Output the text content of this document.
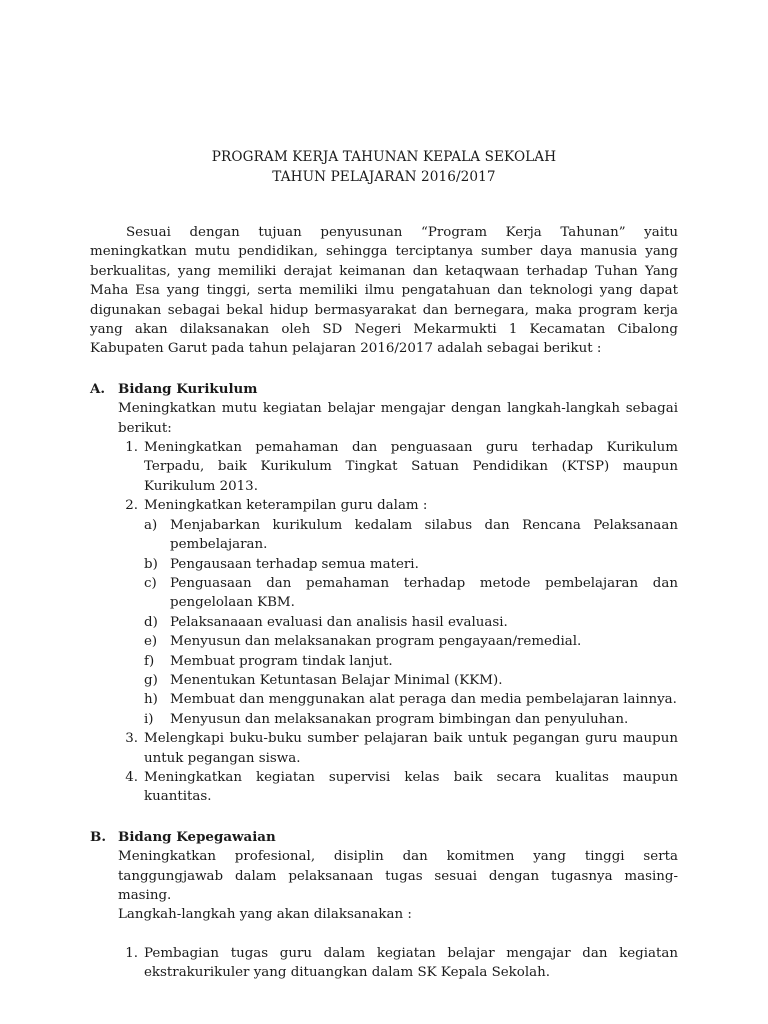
PROGRAM KERJA TAHUNAN KEPALA SEKOLAH
TAHUN PELAJARAN 2016/2017

Sesuai dengan tujuan penyusunan “Program Kerja Tahunan” yaitu meningkatkan mutu pendidikan, sehingga terciptanya sumber daya manusia yang berkualitas, yang memiliki derajat keimanan dan ketaqwaan terhadap Tuhan Yang Maha Esa yang tinggi, serta memiliki ilmu pengatahuan dan teknologi yang dapat digunakan sebagai bekal hidup bermasyarakat dan bernegara, maka program kerja yang akan dilaksanakan oleh SD Negeri Mekarmukti 1 Kecamatan Cibalong Kabupaten Garut pada tahun pelajaran 2016/2017 adalah sebagai berikut :

A. Bidang Kurikulum
Meningkatkan mutu kegiatan belajar mengajar dengan langkah-langkah sebagai berikut:
1. Meningkatkan pemahaman dan penguasaan guru terhadap Kurikulum Terpadu, baik Kurikulum Tingkat Satuan Pendidikan (KTSP) maupun Kurikulum 2013.
2. Meningkatkan keterampilan guru dalam :
a) Menjabarkan kurikulum kedalam silabus dan Rencana Pelaksanaan pembelajaran.
b) Pengausaan terhadap semua materi.
c) Penguasaan dan pemahaman terhadap metode pembelajaran dan pengelolaan KBM.
d) Pelaksanaaan evaluasi dan analisis hasil evaluasi.
e) Menyusun dan melaksanakan program pengayaan/remedial.
f)	Membuat program tindak lanjut.
g) Menentukan Ketuntasan Belajar Minimal (KKM).
h) Membuat dan menggunakan alat peraga dan media pembelajaran lainnya.
i)	Menyusun dan melaksanakan program bimbingan dan penyuluhan.
3. Melengkapi buku-buku sumber pelajaran baik untuk pegangan guru maupun untuk pegangan siswa.
4. Meningkatkan kegiatan supervisi kelas baik secara kualitas maupun kuantitas.
B. Bidang Kepegawaian
Meningkatkan profesional, disiplin dan komitmen yang tinggi serta tanggungjawab dalam pelaksanaan tugas sesuai dengan tugasnya masing-masing.
Langkah-langkah yang akan dilaksanakan :
1. Pembagian tugas guru dalam kegiatan belajar mengajar dan kegiatan ekstrakurikuler yang dituangkan dalam SK Kepala Sekolah.
